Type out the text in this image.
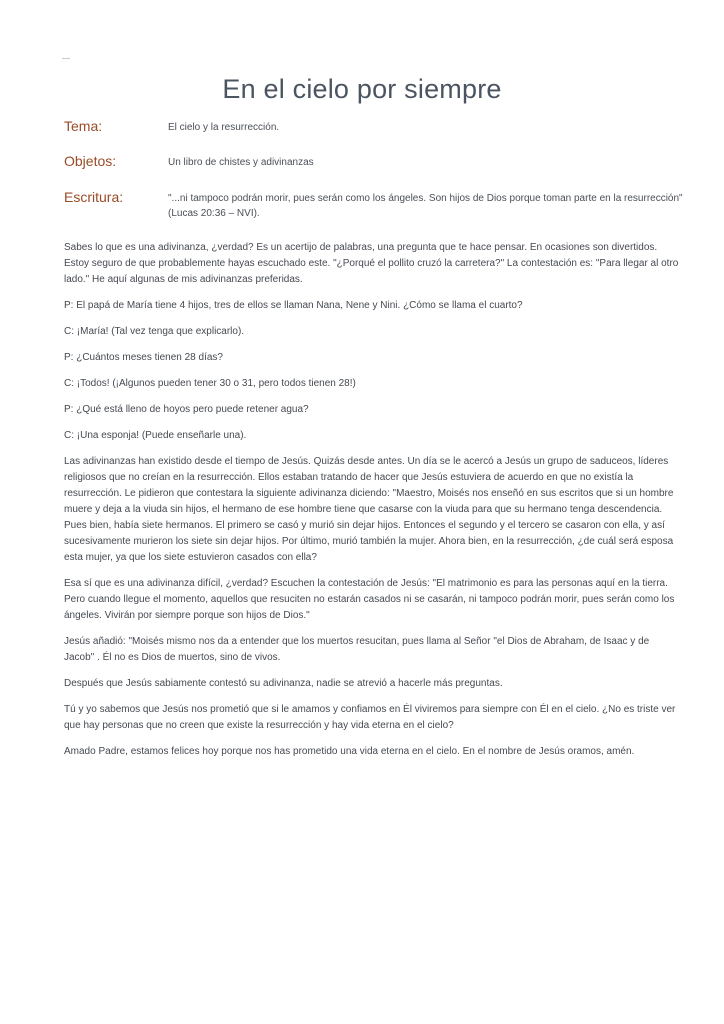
En el cielo por siempre
Tema:	El cielo y la resurrección.
Objetos:	Un libro de chistes y adivinanzas
Escritura:	"...ni tampoco podrán morir, pues serán como los ángeles. Son hijos de Dios porque toman parte en la resurrección" (Lucas 20:36 – NVI).

Sabes lo que es una adivinanza, ¿verdad? Es un acertijo de palabras, una pregunta que te hace pensar. En ocasiones son divertidos. Estoy seguro de que probablemente hayas escuchado este. "¿Porqué el pollito cruzó la carretera?" La contestación es: "Para llegar al otro lado." He aquí algunas de mis adivinanzas preferidas.

P: El papá de María tiene 4 hijos, tres de ellos se llaman Nana, Nene y Nini. ¿Cómo se llama el cuarto?

C: ¡María! (Tal vez tenga que explicarlo).

P: ¿Cuántos meses tienen 28 días?

C: ¡Todos! (¡Algunos pueden tener 30 o 31, pero todos tienen 28!)

P: ¿Qué está lleno de hoyos pero puede retener agua?

C: ¡Una esponja! (Puede enseñarle una).

Las adivinanzas han existido desde el tiempo de Jesús. Quizás desde antes. Un día se le acercó a Jesús un grupo de saduceos, líderes religiosos que no creían en la resurrección. Ellos estaban tratando de hacer que Jesús estuviera de acuerdo en que no existía la resurrección. Le pidieron que contestara la siguiente adivinanza diciendo: "Maestro, Moisés nos enseñó en sus escritos que si un hombre muere y deja a la viuda sin hijos, el hermano de ese hombre tiene que casarse con la viuda para que su hermano tenga descendencia. Pues bien, había siete hermanos. El primero se casó y murió sin dejar hijos. Entonces el segundo y el tercero se casaron con ella, y así sucesivamente murieron los siete sin dejar hijos. Por último, murió también la mujer. Ahora bien, en la resurrección, ¿de cuál será esposa esta mujer, ya que los siete estuvieron casados con ella?

Esa sí que es una adivinanza difícil, ¿verdad? Escuchen la contestación de Jesús: "El matrimonio es para las personas aquí en la tierra. Pero cuando llegue el momento, aquellos que resuciten no estarán casados ni se casarán, ni tampoco podrán morir, pues serán como los ángeles. Vivirán por siempre porque son hijos de Dios."

Jesús añadió: "Moisés mismo nos da a entender que los muertos resucitan, pues llama al Señor "el Dios de Abraham, de Isaac y de Jacob" . Él no es Dios de muertos, sino de vivos.

Después que Jesús sabiamente contestó su adivinanza, nadie se atrevió a hacerle más preguntas.

Tú y yo sabemos que Jesús nos prometió que si le amamos y confiamos en Él viviremos para siempre con Él en el cielo. ¿No es triste ver que hay personas que no creen que existe la resurrección y hay vida eterna en el cielo?

Amado Padre, estamos felices hoy porque nos has prometido una vida eterna en el cielo. En el nombre de Jesús oramos, amén.
